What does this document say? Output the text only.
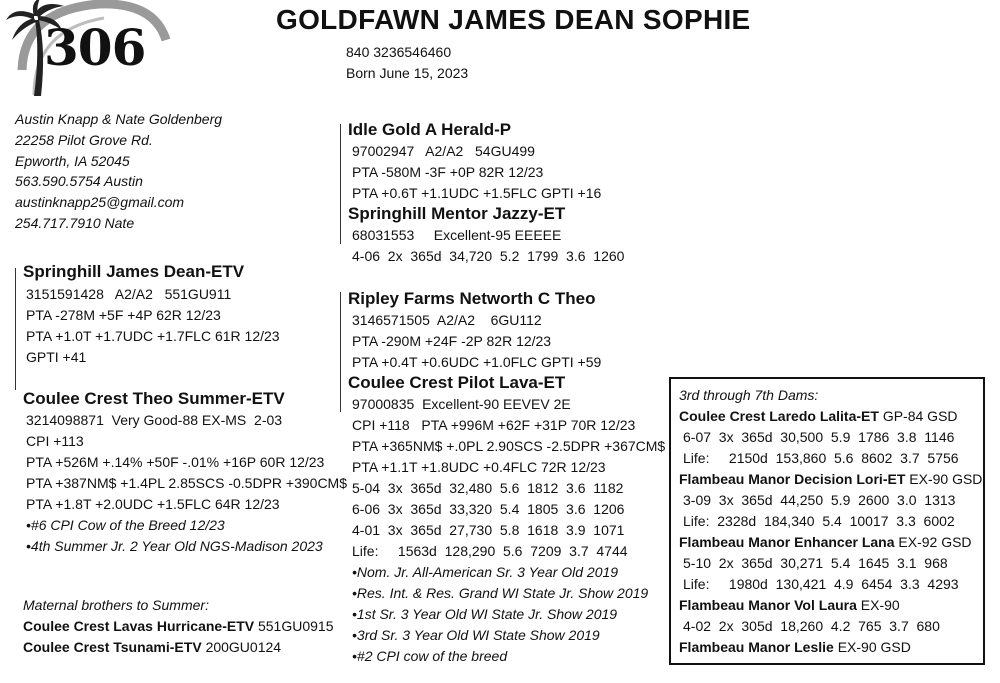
306	GOLDFAWN JAMES DEAN SOPHIE
840 3236546460
Born June 15, 2023
Austin Knapp & Nate Goldenberg
22258 Pilot Grove Rd.
Epworth, IA 52045
563.590.5754 Austin
austinknapp25@gmail.com
254.717.7910 Nate
Springhill James Dean-ETV
3151591428   A2/A2   551GU911
PTA -278M +5F +4P 62R 12/23
PTA +1.0T +1.7UDC +1.7FLC 61R 12/23
GPTI +41
Coulee Crest Theo Summer-ETV
3214098871  Very Good-88 EX-MS  2-03
CPI +113
PTA +526M +.14% +50F -.01% +16P 60R 12/23
PTA +387NM$ +1.4PL 2.85SCS -0.5DPR +390CM$
PTA +1.8T +2.0UDC +1.5FLC 64R 12/23
•#6 CPI Cow of the Breed 12/23
•4th Summer Jr. 2 Year Old NGS-Madison 2023
Maternal brothers to Summer:
Coulee Crest Lavas Hurricane-ETV 551GU0915
Coulee Crest Tsunami-ETV 200GU0124
Idle Gold A Herald-P
97002947   A2/A2   54GU499
PTA -580M -3F +0P 82R 12/23
PTA +0.6T +1.1UDC +1.5FLC GPTI +16
Springhill Mentor Jazzy-ET
68031553     Excellent-95 EEEEE
4-06  2x  365d  34,720  5.2  1799  3.6  1260
Ripley Farms Networth C Theo
3146571505  A2/A2    6GU112
PTA -290M +24F -2P 82R 12/23
PTA +0.4T +0.6UDC +1.0FLC GPTI +59
Coulee Crest Pilot Lava-ET
97000835  Excellent-90 EEVEV 2E
CPI +118   PTA +996M +62F +31P 70R 12/23
PTA +365NM$ +.0PL 2.90SCS -2.5DPR +367CM$
PTA +1.1T +1.8UDC +0.4FLC 72R 12/23
5-04  3x  365d  32,480  5.6  1812  3.6  1182
6-06  3x  365d  33,320  5.4  1805  3.6  1206
4-01  3x  365d  27,730  5.8  1618  3.9  1071
Life:     1563d  128,290  5.6  7209  3.7  4744
•Nom. Jr. All-American Sr. 3 Year Old 2019
•Res. Int. & Res. Grand WI State Jr. Show 2019
•1st Sr. 3 Year Old WI State Jr. Show 2019
•3rd Sr. 3 Year Old WI State Show 2019
•#2 CPI cow of the breed
3rd through 7th Dams:
Coulee Crest Laredo Lalita-ET GP-84 GSD
6-07  3x  365d  30,500  5.9  1786  3.8  1146
Life:     2150d  153,860  5.6  8602  3.7  5756
Flambeau Manor Decision Lori-ET EX-90 GSD
3-09  3x  365d  44,250  5.9  2600  3.0  1313
Life:  2328d  184,340  5.4  10017  3.3  6002
Flambeau Manor Enhancer Lana EX-92 GSD
5-10  2x  365d  30,271  5.4  1645  3.1  968
Life:     1980d  130,421  4.9  6454  3.3  4293
Flambeau Manor Vol Laura EX-90
4-02  2x  305d  18,260  4.2  765  3.7  680
Flambeau Manor Leslie EX-90 GSD
